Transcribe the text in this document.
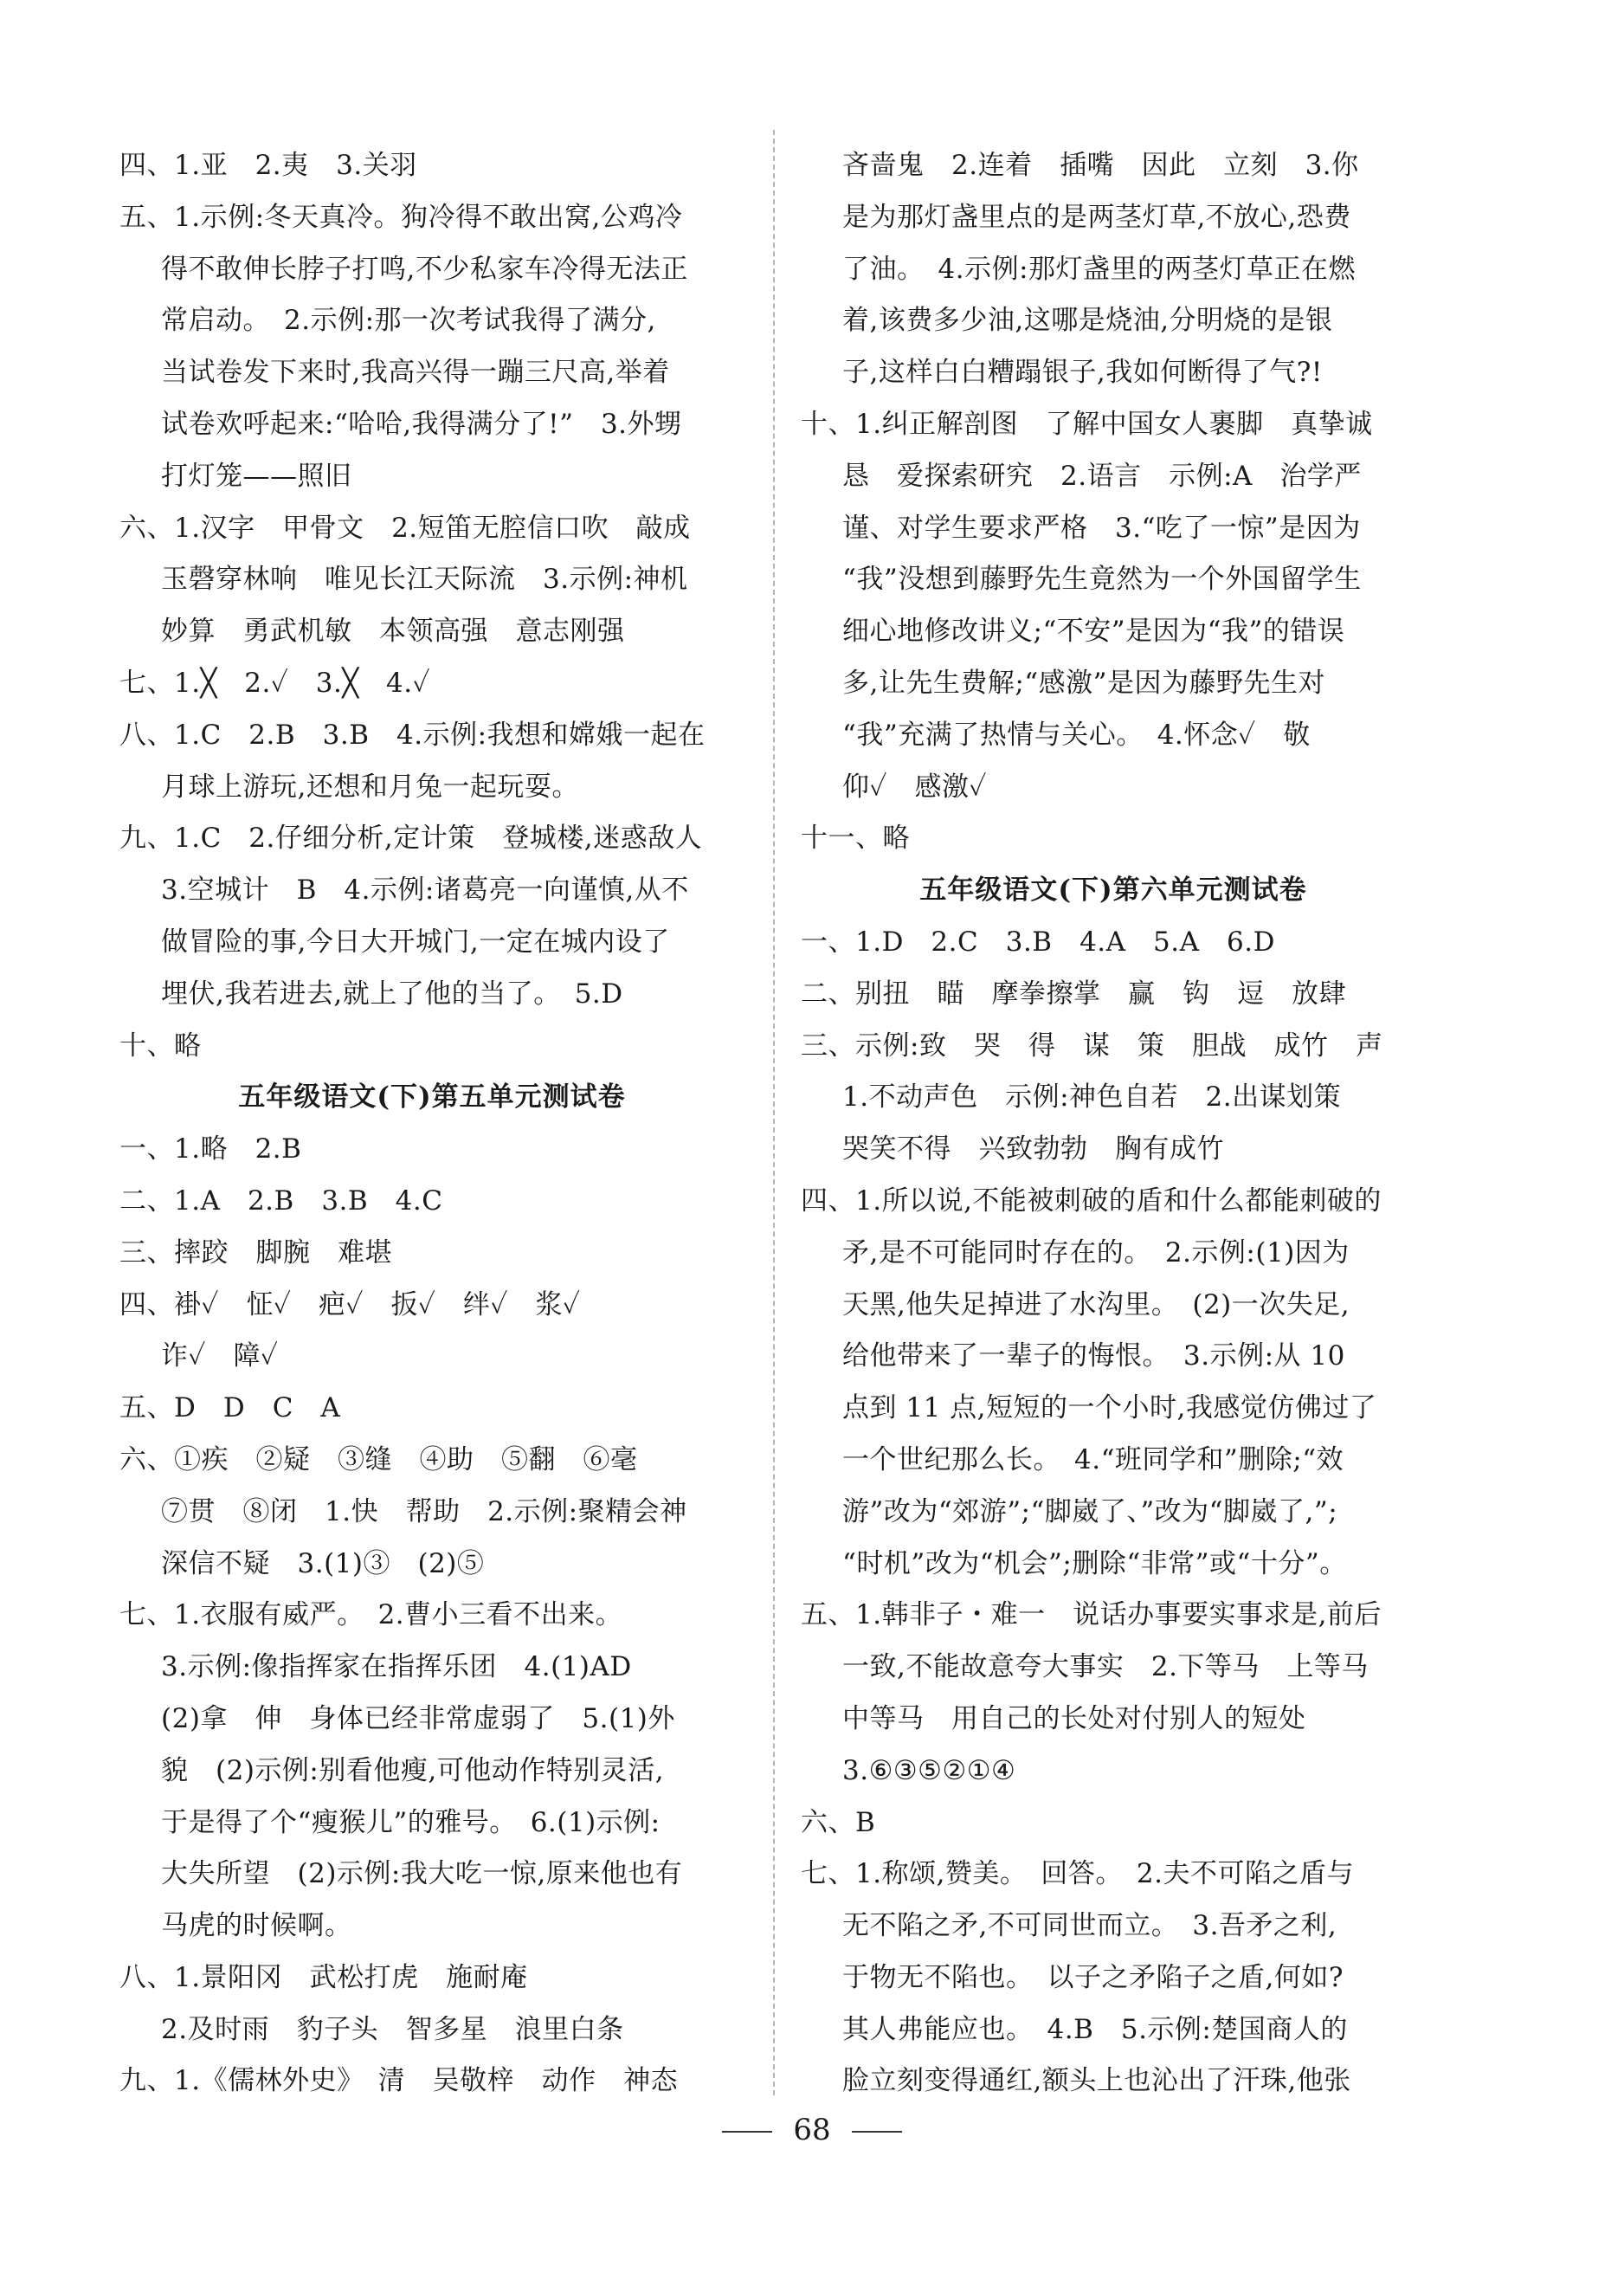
四、1.亚　2.夷　3.关羽
五、1.示例:冬天真冷。狗冷得不敢出窝,公鸡冷
得不敢伸长脖子打鸣,不少私家车冷得无法正
常启动。　2.示例:那一次考试我得了满分,
当试卷发下来时,我高兴得一蹦三尺高,举着
试卷欢呼起来:“哈哈,我得满分了!”　3.外甥
打灯笼——照旧
六、1.汉字　甲骨文　2.短笛无腔信口吹　敲成
玉磬穿林响　唯见长江天际流　3.示例:神机
妙算　勇武机敏　本领高强　意志刚强
七、1.╳　2.✓　3.╳　4.✓
八、1.C　2.B　3.B　4.示例:我想和嫦娥一起在
月球上游玩,还想和月兔一起玩耍。
九、1.C　2.仔细分析,定计策　登城楼,迷惑敌人
3.空城计　B　4.示例:诸葛亮一向谨慎,从不
做冒险的事,今日大开城门,一定在城内设了
埋伏,我若进去,就上了他的当了。　5.D
十、略
五年级语文(下)第五单元测试卷
一、1.略　2.B
二、1.A　2.B　3.B　4.C
三、摔跤　脚腕　难堪
四、褂✓　怔✓　疤✓　扳✓　绊✓　浆✓
诈✓　障✓
五、D　D　C　A
六、①疾　②疑　③缝　④助　⑤翻　⑥毫
⑦贯　⑧闭　1.快　帮助　2.示例:聚精会神
深信不疑　3.(1)③　(2)⑤
七、1.衣服有威严。　2.曹小三看不出来。
3.示例:像指挥家在指挥乐团　4.(1)AD
(2)拿　伸　身体已经非常虚弱了　5.(1)外
貌　(2)示例:别看他瘦,可他动作特别灵活,
于是得了个“瘦猴儿”的雅号。　6.(1)示例:
大失所望　(2)示例:我大吃一惊,原来他也有
马虎的时候啊。
八、1.景阳冈　武松打虎　施耐庵
2.及时雨　豹子头　智多星　浪里白条
九、1.《儒林外史》　清　吴敬梓　动作　神态
吝啬鬼　2.连着　插嘴　因此　立刻　3.你
是为那灯盏里点的是两茎灯草,不放心,恐费
了油。　4.示例:那灯盏里的两茎灯草正在燃
着,该费多少油,这哪是烧油,分明烧的是银
子,这样白白糟蹋银子,我如何断得了气?!
十、1.纠正解剖图　了解中国女人裹脚　真挚诚
恳　爱探索研究　2.语言　示例:A　治学严
谨、对学生要求严格　3.“吃了一惊”是因为
“我”没想到藤野先生竟然为一个外国留学生
细心地修改讲义;“不安”是因为“我”的错误
多,让先生费解;“感激”是因为藤野先生对
“我”充满了热情与关心。　4.怀念✓　敬
仰✓　感激✓
十一、略
五年级语文(下)第六单元测试卷
一、1.D　2.C　3.B　4.A　5.A　6.D
二、别扭　瞄　摩拳擦掌　赢　钩　逗　放肆
三、示例:致　哭　得　谋　策　胆战　成竹　声
1.不动声色　示例:神色自若　2.出谋划策
哭笑不得　兴致勃勃　胸有成竹
四、1.所以说,不能被刺破的盾和什么都能刺破的
矛,是不可能同时存在的。　2.示例:(1)因为
天黑,他失足掉进了水沟里。　(2)一次失足,
给他带来了一辈子的悔恨。　3.示例:从 10
点到 11 点,短短的一个小时,我感觉仿佛过了
一个世纪那么长。　4.“班同学和”删除;“效
游”改为“郊游”;“脚崴了、”改为“脚崴了,”;
“时机”改为“机会”;删除“非常”或“十分”。
五、1.韩非子・难一　说话办事要实事求是,前后
一致,不能故意夸大事实　2.下等马　上等马
中等马　用自己的长处对付别人的短处
3.⑥③⑤②①④
六、B
七、1.称颂,赞美。　回答。　2.夫不可陷之盾与
无不陷之矛,不可同世而立。　3.吾矛之利,
于物无不陷也。　以子之矛陷子之盾,何如?
其人弗能应也。　4.B　5.示例:楚国商人的
脸立刻变得通红,额头上也沁出了汗珠,他张
68
